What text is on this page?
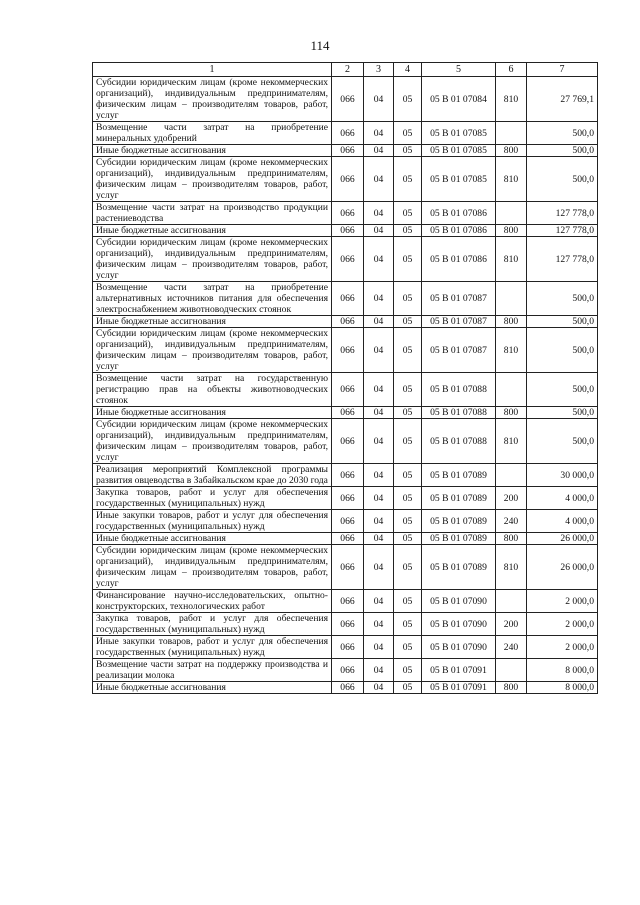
114
1	2	3	4	5	6	7
Субсидии юридическим лицам (кроме некоммерческих организаций), индивидуальным предпринимателям, физическим лицам – производителям товаров, работ, услуг	066	04	05	05 В 01 07084	810	27 769,1
Возмещение части затрат на приобретение минеральных удобрений	066	04	05	05 В 01 07085		500,0
Иные бюджетные ассигнования	066	04	05	05 В 01 07085	800	500,0
Субсидии юридическим лицам (кроме некоммерческих организаций), индивидуальным предпринимателям, физическим лицам – производителям товаров, работ, услуг	066	04	05	05 В 01 07085	810	500,0
Возмещение части затрат на производство продукции растениеводства	066	04	05	05 В 01 07086		127 778,0
Иные бюджетные ассигнования	066	04	05	05 В 01 07086	800	127 778,0
Субсидии юридическим лицам (кроме некоммерческих организаций), индивидуальным предпринимателям, физическим лицам – производителям товаров, работ, услуг	066	04	05	05 В 01 07086	810	127 778,0
Возмещение части затрат на приобретение альтернативных источников питания для обеспечения электроснабжением животноводческих стоянок	066	04	05	05 В 01 07087		500,0
Иные бюджетные ассигнования	066	04	05	05 В 01 07087	800	500,0
Субсидии юридическим лицам (кроме некоммерческих организаций), индивидуальным предпринимателям, физическим лицам – производителям товаров, работ, услуг	066	04	05	05 В 01 07087	810	500,0
Возмещение части затрат на государственную регистрацию прав на объекты животноводческих стоянок	066	04	05	05 В 01 07088		500,0
Иные бюджетные ассигнования	066	04	05	05 В 01 07088	800	500,0
Субсидии юридическим лицам (кроме некоммерческих организаций), индивидуальным предпринимателям, физическим лицам – производителям товаров, работ, услуг	066	04	05	05 В 01 07088	810	500,0
Реализация мероприятий Комплексной программы развития овцеводства в Забайкальском крае до 2030 года	066	04	05	05 В 01 07089		30 000,0
Закупка товаров, работ и услуг для обеспечения государственных (муниципальных) нужд	066	04	05	05 В 01 07089	200	4 000,0
Иные закупки товаров, работ и услуг для обеспечения государственных (муниципальных) нужд	066	04	05	05 В 01 07089	240	4 000,0
Иные бюджетные ассигнования	066	04	05	05 В 01 07089	800	26 000,0
Субсидии юридическим лицам (кроме некоммерческих организаций), индивидуальным предпринимателям, физическим лицам – производителям товаров, работ, услуг	066	04	05	05 В 01 07089	810	26 000,0
Финансирование научно-исследовательских, опытно-конструкторских, технологических работ	066	04	05	05 В 01 07090		2 000,0
Закупка товаров, работ и услуг для обеспечения государственных (муниципальных) нужд	066	04	05	05 В 01 07090	200	2 000,0
Иные закупки товаров, работ и услуг для обеспечения государственных (муниципальных) нужд	066	04	05	05 В 01 07090	240	2 000,0
Возмещение части затрат на поддержку производства и реализации молока	066	04	05	05 В 01 07091		8 000,0
Иные бюджетные ассигнования	066	04	05	05 В 01 07091	800	8 000,0
